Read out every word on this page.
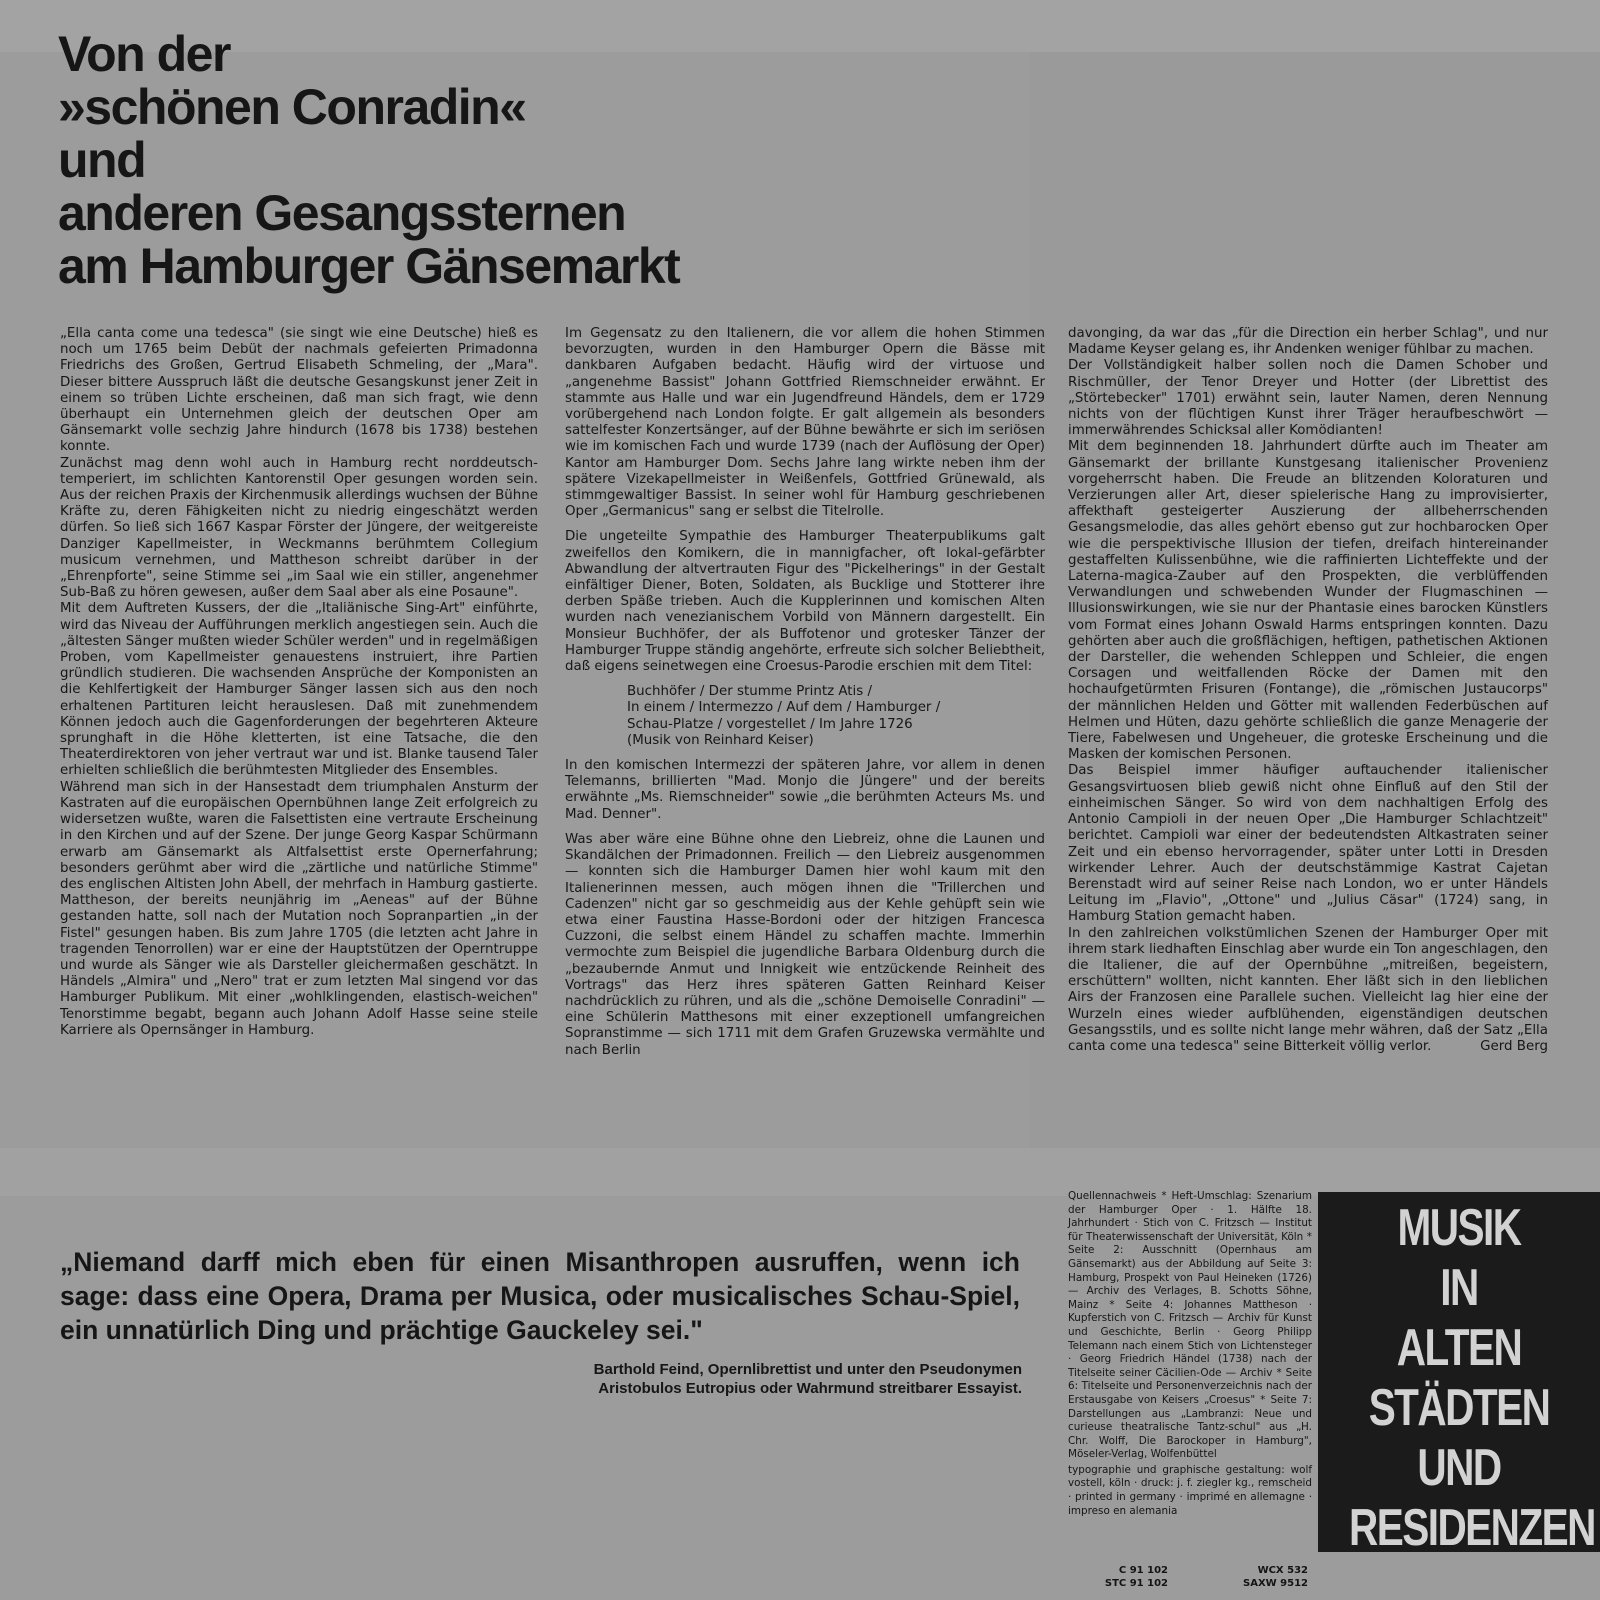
Von der
»schönen Conradin«
und
anderen Gesangssternen
am Hamburger Gänsemarkt

„Ella canta come una tedesca" (sie singt wie eine Deutsche) hieß es noch um 1765 beim Debüt der nachmals gefeierten Primadonna Friedrichs des Großen, Gertrud Elisabeth Schmeling, der „Mara". Dieser bittere Ausspruch läßt die deutsche Gesangskunst jener Zeit in einem so trüben Lichte erscheinen, daß man sich fragt, wie denn überhaupt ein Unternehmen gleich der deutschen Oper am Gänsemarkt volle sechzig Jahre hindurch (1678 bis 1738) bestehen konnte.

Zunächst mag denn wohl auch in Hamburg recht norddeutsch-temperiert, im schlichten Kantorenstil Oper gesungen worden sein. Aus der reichen Praxis der Kirchenmusik allerdings wuchsen der Bühne Kräfte zu, deren Fähigkeiten nicht zu niedrig eingeschätzt werden dürfen. So ließ sich 1667 Kaspar Förster der Jüngere, der weitgereiste Danziger Kapellmeister, in Weckmanns berühmtem Collegium musicum vernehmen, und Mattheson schreibt darüber in der „Ehrenpforte", seine Stimme sei „im Saal wie ein stiller, angenehmer Sub-Baß zu hören gewesen, außer dem Saal aber als eine Posaune".

Mit dem Auftreten Kussers, der die „Italiänische Sing-Art" einführte, wird das Niveau der Aufführungen merklich angestiegen sein. Auch die „ältesten Sänger mußten wieder Schüler werden" und in regelmäßigen Proben, vom Kapellmeister genauestens instruiert, ihre Partien gründlich studieren. Die wachsenden Ansprüche der Komponisten an die Kehlfertigkeit der Hamburger Sänger lassen sich aus den noch erhaltenen Partituren leicht herauslesen. Daß mit zunehmendem Können jedoch auch die Gagenforderungen der begehrteren Akteure sprunghaft in die Höhe kletterten, ist eine Tatsache, die den Theaterdirektoren von jeher vertraut war und ist. Blanke tausend Taler erhielten schließlich die berühmtesten Mitglieder des Ensembles.

Während man sich in der Hansestadt dem triumphalen Ansturm der Kastraten auf die europäischen Opernbühnen lange Zeit erfolgreich zu widersetzen wußte, waren die Falsettisten eine vertraute Erscheinung in den Kirchen und auf der Szene. Der junge Georg Kaspar Schürmann erwarb am Gänsemarkt als Altfalsettist erste Opernerfahrung; besonders gerühmt aber wird die „zärtliche und natürliche Stimme" des englischen Altisten John Abell, der mehrfach in Hamburg gastierte. Mattheson, der bereits neunjährig im „Aeneas" auf der Bühne gestanden hatte, soll nach der Mutation noch Sopranpartien „in der Fistel" gesungen haben. Bis zum Jahre 1705 (die letzten acht Jahre in tragenden Tenorrollen) war er eine der Hauptstützen der Operntruppe und wurde als Sänger wie als Darsteller gleichermaßen geschätzt. In Händels „Almira" und „Nero" trat er zum letzten Mal singend vor das Hamburger Publikum. Mit einer „wohlklingenden, elastisch-weichen" Tenorstimme begabt, begann auch Johann Adolf Hasse seine steile Karriere als Opernsänger in Hamburg.

Im Gegensatz zu den Italienern, die vor allem die hohen Stimmen bevorzugten, wurden in den Hamburger Opern die Bässe mit dankbaren Aufgaben bedacht. Häufig wird der virtuose und „angenehme Bassist" Johann Gottfried Riemschneider erwähnt. Er stammte aus Halle und war ein Jugendfreund Händels, dem er 1729 vorübergehend nach London folgte. Er galt allgemein als besonders sattelfester Konzertsänger, auf der Bühne bewährte er sich im seriösen wie im komischen Fach und wurde 1739 (nach der Auflösung der Oper) Kantor am Hamburger Dom. Sechs Jahre lang wirkte neben ihm der spätere Vizekapellmeister in Weißenfels, Gottfried Grünewald, als stimmgewaltiger Bassist. In seiner wohl für Hamburg geschriebenen Oper „Germanicus" sang er selbst die Titelrolle.

Die ungeteilte Sympathie des Hamburger Theaterpublikums galt zweifellos den Komikern, die in mannigfacher, oft lokal-gefärbter Abwandlung der altvertrauten Figur des "Pickelherings" in der Gestalt einfältiger Diener, Boten, Soldaten, als Bucklige und Stotterer ihre derben Späße trieben. Auch die Kupplerinnen und komischen Alten wurden nach venezianischem Vorbild von Männern dargestellt. Ein Monsieur Buchhöfer, der als Buffotenor und grotesker Tänzer der Hamburger Truppe ständig angehörte, erfreute sich solcher Beliebtheit, daß eigens seinetwegen eine Croesus-Parodie erschien mit dem Titel:

Buchhöfer / Der stumme Printz Atis /
In einem / Intermezzo / Auf dem / Hamburger /
Schau-Platze / vorgestellet / Im Jahre 1726
(Musik von Reinhard Keiser)

In den komischen Intermezzi der späteren Jahre, vor allem in denen Telemanns, brillierten "Mad. Monjo die Jüngere" und der bereits erwähnte „Ms. Riemschneider" sowie „die berühmten Acteurs Ms. und Mad. Denner".

Was aber wäre eine Bühne ohne den Liebreiz, ohne die Launen und Skandälchen der Primadonnen. Freilich — den Liebreiz ausgenommen — konnten sich die Hamburger Damen hier wohl kaum mit den Italienerinnen messen, auch mögen ihnen die "Trillerchen und Cadenzen" nicht gar so geschmeidig aus der Kehle gehüpft sein wie etwa einer Faustina Hasse-Bordoni oder der hitzigen Francesca Cuzzoni, die selbst einem Händel zu schaffen machte. Immerhin vermochte zum Beispiel die jugendliche Barbara Oldenburg durch die „bezaubernde Anmut und Innigkeit wie entzückende Reinheit des Vortrags" das Herz ihres späteren Gatten Reinhard Keiser nachdrücklich zu rühren, und als die „schöne Demoiselle Conradini" — eine Schülerin Matthesons mit einer exzeptionell umfangreichen Sopranstimme — sich 1711 mit dem Grafen Gruzewska vermählte und nach Berlin

davonging, da war das „für die Direction ein herber Schlag", und nur Madame Keyser gelang es, ihr Andenken weniger fühlbar zu machen.

Der Vollständigkeit halber sollen noch die Damen Schober und Rischmüller, der Tenor Dreyer und Hotter (der Librettist des „Störtebecker" 1701) erwähnt sein, lauter Namen, deren Nennung nichts von der flüchtigen Kunst ihrer Träger heraufbeschwört — immerwährendes Schicksal aller Komödianten!

Mit dem beginnenden 18. Jahrhundert dürfte auch im Theater am Gänsemarkt der brillante Kunstgesang italienischer Provenienz vorgeherrscht haben. Die Freude an blitzenden Koloraturen und Verzierungen aller Art, dieser spielerische Hang zu improvisierter, affekthaft gesteigerter Auszierung der allbeherrschenden Gesangsmelodie, das alles gehört ebenso gut zur hochbarocken Oper wie die perspektivische Illusion der tiefen, dreifach hintereinander gestaffelten Kulissenbühne, wie die raffinierten Lichteffekte und der Laterna-magica-Zauber auf den Prospekten, die verblüffenden Verwandlungen und schwebenden Wunder der Flugmaschinen — Illusionswirkungen, wie sie nur der Phantasie eines barocken Künstlers vom Format eines Johann Oswald Harms entspringen konnten. Dazu gehörten aber auch die großflächigen, heftigen, pathetischen Aktionen der Darsteller, die wehenden Schleppen und Schleier, die engen Corsagen und weitfallenden Röcke der Damen mit den hochaufgetürmten Frisuren (Fontange), die „römischen Justaucorps" der männlichen Helden und Götter mit wallenden Federbüschen auf Helmen und Hüten, dazu gehörte schließlich die ganze Menagerie der Tiere, Fabelwesen und Ungeheuer, die groteske Erscheinung und die Masken der komischen Personen.

Das Beispiel immer häufiger auftauchender italienischer Gesangsvirtuosen blieb gewiß nicht ohne Einfluß auf den Stil der einheimischen Sänger. So wird von dem nachhaltigen Erfolg des Antonio Campioli in der neuen Oper „Die Hamburger Schlachtzeit" berichtet. Campioli war einer der bedeutendsten Altkastraten seiner Zeit und ein ebenso hervorragender, später unter Lotti in Dresden wirkender Lehrer. Auch der deutschstämmige Kastrat Cajetan Berenstadt wird auf seiner Reise nach London, wo er unter Händels Leitung im „Flavio", „Ottone" und „Julius Cäsar" (1724) sang, in Hamburg Station gemacht haben.

In den zahlreichen volkstümlichen Szenen der Hamburger Oper mit ihrem stark liedhaften Einschlag aber wurde ein Ton angeschlagen, den die Italiener, die auf der Opernbühne „mitreißen, begeistern, erschüttern" wollten, nicht kannten. Eher läßt sich in den lieblichen Airs der Franzosen eine Parallele suchen. Vielleicht lag hier eine der Wurzeln eines wieder aufblühenden, eigenständigen deutschen Gesangsstils, und es sollte nicht lange mehr währen, daß der Satz „Ella canta come una tedesca" seine Bitterkeit völlig verlor.	Gerd Berg
„Niemand darff mich eben für einen Misanthropen ausruffen, wenn ich sage: dass eine Opera, Drama per Musica, oder musicalisches Schau-Spiel, ein unnatürlich Ding und prächtige Gauckeley sei."
Barthold Feind, Opernlibrettist und unter den Pseudonymen
Aristobulos Eutropius oder Wahrmund streitbarer Essayist.

Quellennachweis * Heft-Umschlag: Szenarium der Hamburger Oper · 1. Hälfte 18. Jahrhundert · Stich von C. Fritzsch — Institut für Theaterwissenschaft der Universität, Köln * Seite 2: Ausschnitt (Opernhaus am Gänsemarkt) aus der Abbildung auf Seite 3: Hamburg, Prospekt von Paul Heineken (1726) — Archiv des Verlages, B. Schotts Söhne, Mainz * Seite 4: Johannes Mattheson · Kupferstich von C. Fritzsch — Archiv für Kunst und Geschichte, Berlin · Georg Philipp Telemann nach einem Stich von Lichtensteger · Georg Friedrich Händel (1738) nach der Titelseite seiner Cäcilien-Ode — Archiv * Seite 6: Titelseite und Personenverzeichnis nach der Erstausgabe von Keisers „Croesus" * Seite 7: Darstellungen aus „Lambranzi: Neue und curieuse theatralische Tantz-schul" aus „H. Chr. Wolff, Die Barockoper in Hamburg", Möseler-Verlag, Wolfenbüttel

typographie und graphische gestaltung: wolf vostell, köln · druck: j. f. ziegler kg., remscheid · printed in germany · imprimé en allemagne · impreso en alemania

C 91 102
STC 91 102
WCX 532
SAXW 9512
MUSIK
IN
ALTEN
STÄDTEN
UND
RESIDENZEN
